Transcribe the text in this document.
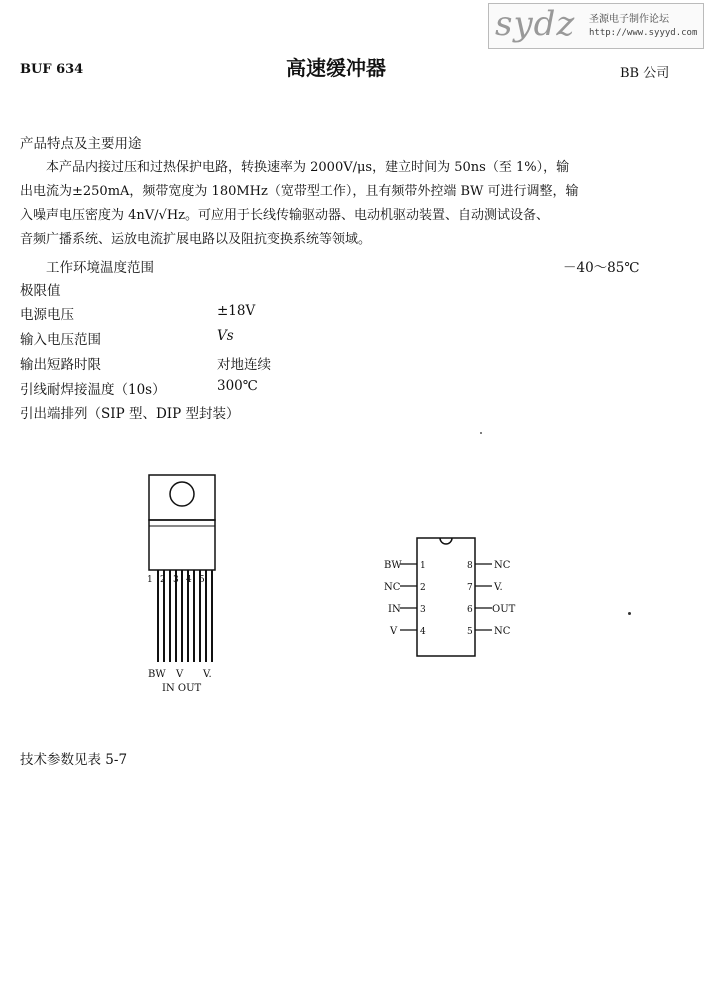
sydz 圣源电子制作论坛
http://www.syyyd.com
BUF 634	高速缓冲器	BB 公司
产品特点及主要用途
本产品内接过压和过热保护电路，转换速率为 2000V/μs，建立时间为 50ns（至 1%），输
出电流为±250mA，频带宽度为 180MHz（宽带型工作），且有频带外控端 BW 可进行调整，输
入噪声电压密度为 4nV/√Hz。可应用于长线传输驱动器、电动机驱动装置、自动测试设备、
音频广播系统、运放电流扩展电路以及阻抗变换系统等领域。
工作环境温度范围	－40～85℃
极限值
电源电压	±18V
输入电压范围	Vs
输出短路时限	对地连续
引线耐焊接温度（10s）	300℃
引出端排列（SIP 型、DIP 型封装）
1 2 3 4 5
BW V V.
IN OUT
BW
NC
IN
V
1
2
3
4
8
7
6
5
NC
V.
OUT
NC
技术参数见表 5-7
